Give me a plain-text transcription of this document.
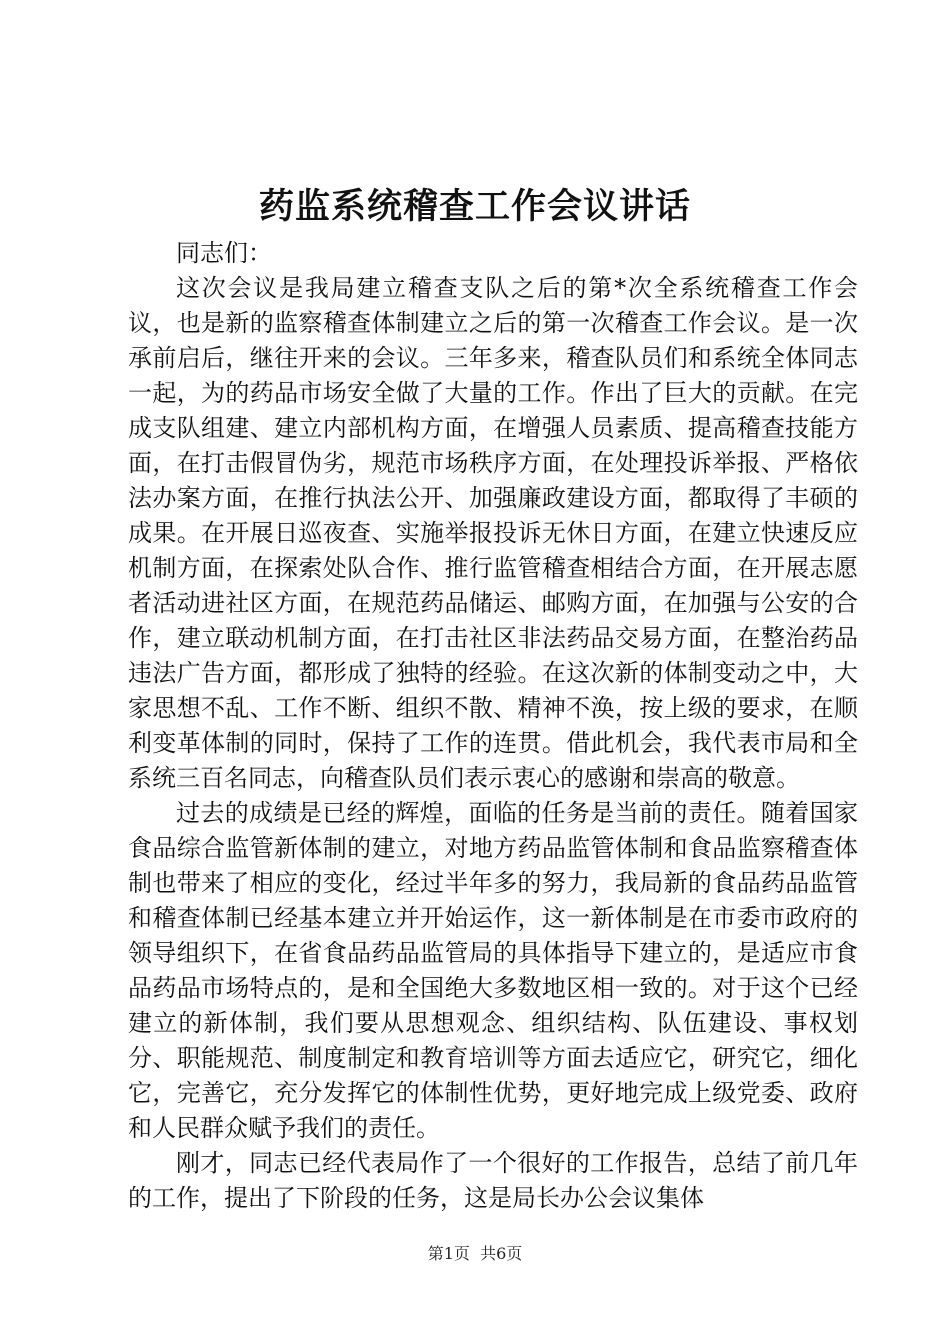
药监系统稽查工作会议讲话

同志们：

这次会议是我局建立稽查支队之后的第*次全系统稽查工作会议，也是新的监察稽查体制建立之后的第一次稽查工作会议。是一次承前启后，继往开来的会议。三年多来，稽查队员们和系统全体同志一起，为的药品市场安全做了大量的工作。作出了巨大的贡献。在完成支队组建、建立内部机构方面，在增强人员素质、提高稽查技能方面，在打击假冒伪劣，规范市场秩序方面，在处理投诉举报、严格依法办案方面，在推行执法公开、加强廉政建设方面，都取得了丰硕的成果。在开展日巡夜查、实施举报投诉无休日方面，在建立快速反应机制方面，在探索处队合作、推行监管稽查相结合方面，在开展志愿者活动进社区方面，在规范药品储运、邮购方面，在加强与公安的合作，建立联动机制方面，在打击社区非法药品交易方面，在整治药品违法广告方面，都形成了独特的经验。在这次新的体制变动之中，大家思想不乱、工作不断、组织不散、精神不涣，按上级的要求，在顺利变革体制的同时，保持了工作的连贯。借此机会，我代表市局和全系统三百名同志，向稽查队员们表示衷心的感谢和崇高的敬意。

过去的成绩是已经的辉煌，面临的任务是当前的责任。随着国家食品综合监管新体制的建立，对地方药品监管体制和食品监察稽查体制也带来了相应的变化，经过半年多的努力，我局新的食品药品监管和稽查体制已经基本建立并开始运作，这一新体制是在市委市政府的领导组织下，在省食品药品监管局的具体指导下建立的，是适应市食品药品市场特点的，是和全国绝大多数地区相一致的。对于这个已经建立的新体制，我们要从思想观念、组织结构、队伍建设、事权划分、职能规范、制度制定和教育培训等方面去适应它，研究它，细化它，完善它，充分发挥它的体制性优势，更好地完成上级党委、政府和人民群众赋予我们的责任。

刚才，同志已经代表局作了一个很好的工作报告，总结了前几年的工作，提出了下阶段的任务，这是局长办公会议集体

第1页  共6页
